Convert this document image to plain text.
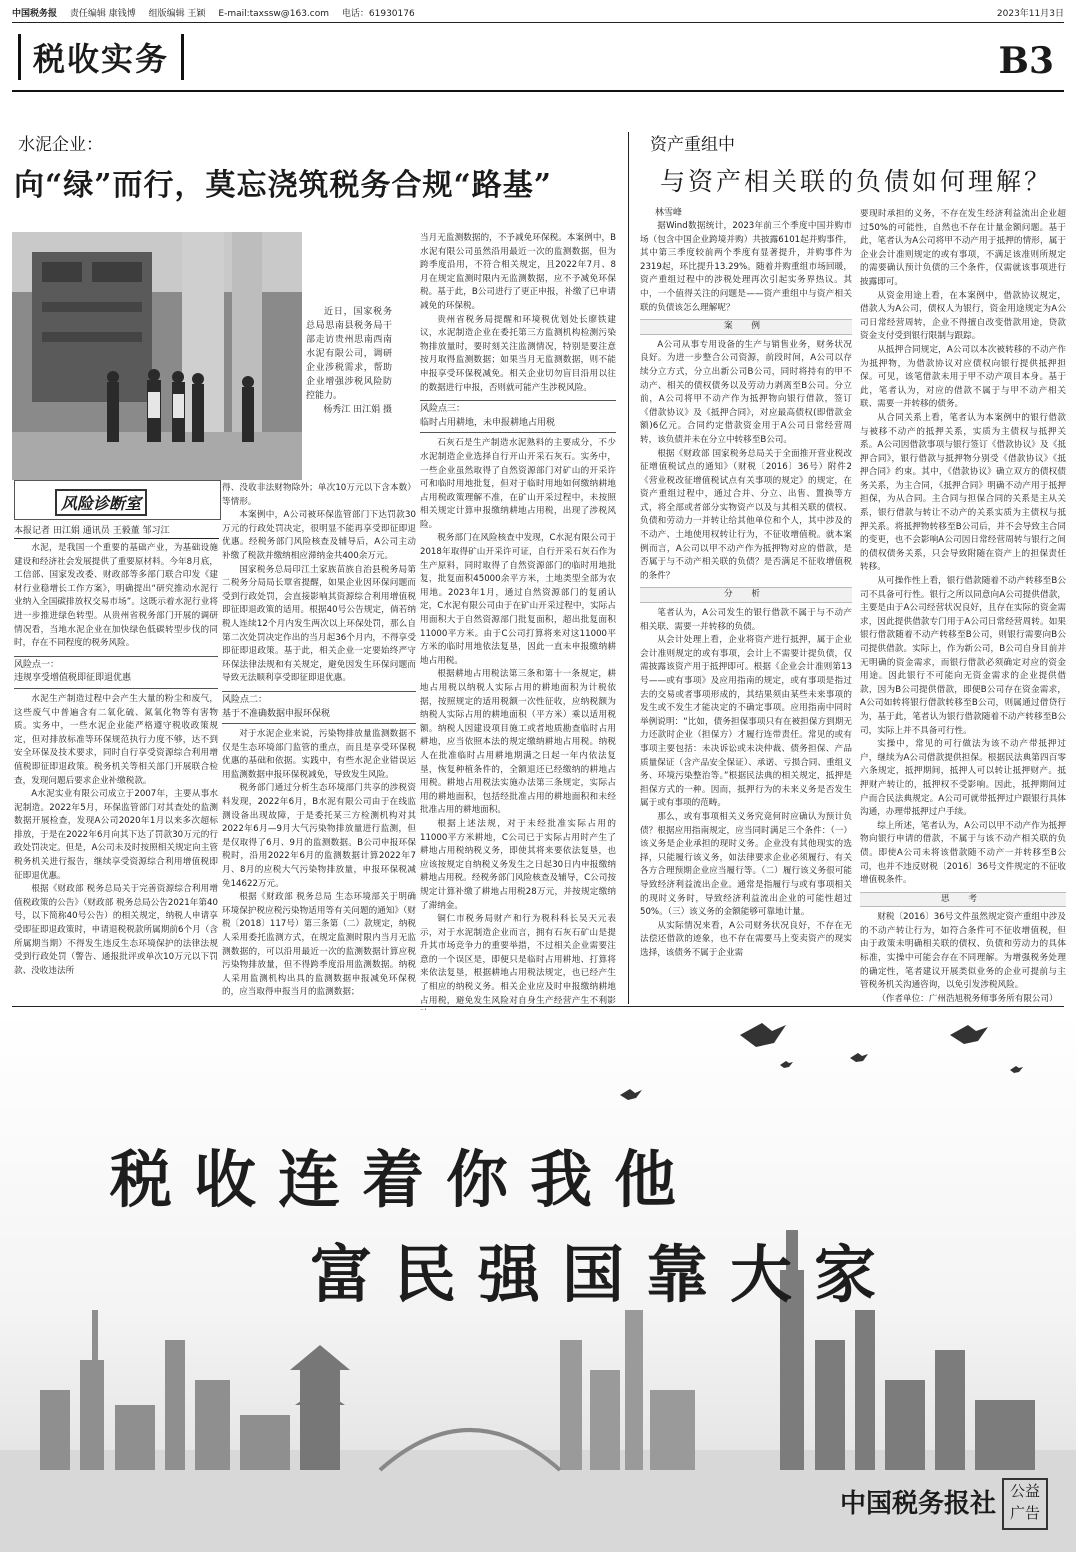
中国税务报 责任编辑 康钱博 组版编辑 王颖 E-mail:taxssw@163.com 电话：61930176	2023年11月3日
税收实务	B3
水泥企业：
向“绿”而行，莫忘浇筑税务合规“路基”
资产重组中
与资产相关联的负债如何理解？
林雪峰
近日，国家税务总局思南县税务局干部走访贵州思南西南水泥有限公司，调研企业涉税需求，帮助企业增强涉税风险防控能力。
杨秀江 田江娟 摄
风险诊断室
本报记者 田江娟 通讯员 王毅董 邹习江

水泥，是我国一个重要的基础产业，为基础设施建设和经济社会发展提供了重要原材料。今年8月底，工信部、国家发改委、财政部等多部门联合印发《建材行业稳增长工作方案》，明确提出“研究推动水泥行业纳入全国碳排放权交易市场”。这既示着水泥行业将进一步推进绿色转型。从贵州省税务部门开展的调研情况看，当地水泥企业在加快绿色低碳转型步伐的同时，存在不同程度的税务风险。

风险点一：
违规享受增值税即征即退优惠

水泥生产制造过程中会产生大量的粉尘和废气，这些废气中普遍含有二氧化硫、氮氧化物等有害物质。实务中，一些水泥企业能严格遵守税收政策规定，但对排放标准等环保规范执行力度不够，达不到安全环保及技术要求，同时自行享受资源综合利用增值税即征即退政策。税务机关等相关部门开展联合检查，发现问题后要求企业补缴税款。

A水泥实业有限公司成立于2007年，主要从事水泥制造。2022年5月，环保监管部门对其查处的监测数据开展检查，发现A公司2020年1月以来多次超标排放，于是在2022年6月向其下达了罚款30万元的行政处罚决定。但是，A公司未及时按照相关规定向主管税务机关进行报告，继续享受资源综合利用增值税即征即退优惠。

根据《财政部 税务总局关于完善资源综合利用增值税政策的公告》（财政部 税务总局公告2021年第40号，以下简称40号公告）的相关规定，纳税人申请享受即征即退政策时，申请退税税款所属期前6个月（含所属期当期）不得发生违反生态环境保护的法律法规受到行政处罚（警告、通报批评或单次10万元以下罚款、没收违法所

得、没收非法财物除外；单次10万元以下含本数）等情形。

本案例中，A公司被环保监管部门下达罚款30万元的行政处罚决定，很明显不能再享受即征即退优惠。经税务部门风险核查及辅导后，A公司主动补缴了税款并缴纳相应滞纳金共400余万元。

国家税务总局印江土家族苗族自治县税务局第二税务分局局长覃省提醒，如果企业因环保问题而受到行政处罚，会直接影响其资源综合利用增值税即征即退政策的适用。根据40号公告规定，倘若纳税人连续12个月内发生两次以上环保处罚，那么自第二次处罚决定作出的当月起36个月内，不得享受即征即退政策。基于此，相关企业一定要始终严守环保法律法规和有关规定，避免因发生环保问题而导致无法顺利享受即征即退优惠。

风险点二：
基于不准确数据申报环保税

对于水泥企业来说，污染物排放量监测数据不仅是生态环境部门监管的重点，而且是享受环保税优惠的基础和依据。实践中，有些水泥企业错误运用监测数据申报环保税减免，导致发生风险。

税务部门通过分析生态环境部门共享的涉税资料发现，2022年6月，B水泥有限公司由于在线监测设备出现故障，于是委托某三方检测机构对其2022年6月—9月大气污染物排放量进行监测，但是仅取得了6月、9月的监测数据。B公司申报环保税时，沿用2022年6月的监测数据计算2022年7月、8月的应税大气污染物排放量，申报环保税减免14622万元。

根据《财政部 税务总局 生态环境部关于明确环境保护税应税污染物适用等有关问题的通知》（财税〔2018〕117号）第三条第（二）款规定，纳税人采用委托监测方式，在规定监测时限内当月无监测数据的，可以沿用最近一次的监测数据计算应税污染物排放量，但不得跨季度沿用监测数据。纳税人采用监测机构出具的监测数据申报减免环保税的，应当取得申报当月的监测数据；

当月无监测数据的，不予减免环保税。本案例中，B水泥有限公司虽然沿用最近一次的监测数据，但为跨季度沿用，不符合相关规定，且2022年7月、8月在规定监测时限内无监测数据，应不予减免环保税。基于此，B公司进行了更正申报，补缴了已申请减免的环保税。

贵州省税务局提醒和环境税优划处长廖铁建议，水泥制造企业在委托第三方监测机构检测污染物排放量时，要时刻关注监测情况，特别是要注意按月取得监测数据；如果当月无监测数据，则不能申报享受环保税减免。相关企业切勿盲目沿用以往的数据进行申报，否则就可能产生涉税风险。

风险点三：
临时占用耕地，未申报耕地占用税

石灰石是生产制造水泥熟料的主要成分，不少水泥制造企业选择自行开山开采石灰石。实务中，一些企业虽然取得了自然资源部门对矿山的开采许可和临时用地批复，但对于临时用地如何缴纳耕地占用税政策理解不准，在矿山开采过程中，未按照相关规定计算申报缴纳耕地占用税，出现了涉税风险。

税务部门在风险核查中发现，C水泥有限公司于2018年取得矿山开采许可证，自行开采石灰石作为生产原料，同时取得了自然资源部门的临时用地批复，批复面积45000余平方米，土地类型全部为农用地。2023年1月，通过自然资源部门的复函认定，C水泥有限公司由于在矿山开采过程中，实际占用面积大于自然资源部门批复面积，超出批复面积11000平方米。由于C公司打算将来对这11000平方米的临时用地依法复垦，因此一直未申报缴纳耕地占用税。

根据耕地占用税法第三条和第十一条规定，耕地占用税以纳税人实际占用的耕地面积为计税依据，按照规定的适用税额一次性征收，应纳税额为纳税人实际占用的耕地面积（平方米）乘以适用税额。纳税人因建设项目施工或者地质勘查临时占用耕地，应当依照本法的规定缴纳耕地占用税。纳税人在批准临时占用耕地期满之日起一年内依法复垦，恢复种植条件的，全额退还已经缴纳的耕地占用税。耕地占用税法实施办法第三条规定，实际占用的耕地面积，包括经批准占用的耕地面积和未经批准占用的耕地面积。

根据上述法规，对于未经批准实际占用的11000平方米耕地，C公司已于实际占用时产生了耕地占用税纳税义务，即使其将来要依法复垦，也应该按规定自纳税义务发生之日起30日内申报缴纳耕地占用税。经税务部门风险核查及辅导，C公司按规定计算补缴了耕地占用税28万元，并按规定缴纳了滞纳金。

铜仁市税务局财产和行为税科科长吴天元表示，对于水泥制造企业而言，拥有石灰石矿山是提升其市场竞争力的重要举措，不过相关企业需要注意的一个误区是，即便只是临时占用耕地、打算将来依法复垦，根据耕地占用税法规定，也已经产生了相应的纳税义务。相关企业应及时申报缴纳耕地占用税，避免发生风险对自身生产经营产生不利影

据Wind数据统计，2023年前三个季度中国并购市场（包含中国企业跨境并购）共披露6101起并购事件，其中第三季度较前两个季度有显著提升，并购事件为2319起，环比提升13.29%。随着并购重组市场回暖，资产重组过程中的涉税处理再次引起实务界热议。其中，一个值得关注的问题是——资产重组中与资产相关联的负债该怎么理解呢？

案 例

A公司从事专用设备的生产与销售业务，财务状况良好。为进一步整合公司资源，前段时间，A公司以存续分立方式，分立出新公司B公司，同时将持有的甲不动产、相关的债权债务以及劳动力剥离至B公司。分立前，A公司将甲不动产作为抵押物向银行借款，签订《借款协议》及《抵押合同》，对应最高债权(即借款金额)6亿元。合同约定借款资金用于A公司日常经营周转，该负债并未在分立中转移至B公司。

根据《财政部 国家税务总局关于全面推开营业税改征增值税试点的通知》（财税〔2016〕36号）附件2《营业税改征增值税试点有关事项的规定》的规定，在资产重组过程中，通过合并、分立、出售、置换等方式，将全部或者部分实物资产以及与其相关联的债权、负债和劳动力一并转让给其他单位和个人，其中涉及的不动产、土地使用权转让行为，不征收增值税。就本案例而言，A公司以甲不动产作为抵押物对应的借款，是否属于与不动产相关联的负债？是否满足不征收增值税的条件？

分 析

笔者认为，A公司发生的银行借款不属于与不动产相关联、需要一并转移的负债。

从会计处理上看，企业将资产进行抵押，属于企业会计准则规定的或有事项，会计上不需要计提负债，仅需披露该资产用于抵押即可。根据《企业会计准则第13号——或有事项》及应用指南的规定，或有事项是指过去的交易或者事项形成的，其结果须由某些未来事项的发生或不发生才能决定的不确定事项。应用指南中同时举例说明：“比如，债务担保事项只有在被担保方到期无力还款时企业（担保方）才履行连带责任。常见的或有事项主要包括：未决诉讼或未决仲裁、债务担保、产品质量保证（含产品安全保证）、承诺、亏损合同、重组义务、环境污染整治等。”根据民法典的相关规定，抵押是担保方式的一种。因而，抵押行为的未来义务是否发生属于或有事项的范畴。

那么，或有事项相关义务究竟何时应确认为预计负债？根据应用指南规定，应当同时满足三个条件：（一）该义务是企业承担的现时义务。企业没有其他现实的选择，只能履行该义务，如法律要求企业必须履行、有关各方合理预期企业应当履行等。（二）履行该义务很可能导致经济利益流出企业。通常是指履行与或有事项相关的现时义务时，导致经济利益流出企业的可能性超过50%。（三）该义务的金额能够可靠地计量。

从实际情况来看，A公司财务状况良好，不存在无法偿还借款的迹象，也不存在需要马上变卖资产的现实选择，该债务不属于企业需

要现时承担的义务，不存在发生经济利益流出企业超过50%的可能性，自然也不存在计量金额问题。基于此，笔者认为A公司将甲不动产用于抵押的情形，属于企业会计准则规定的或有事项，不满足该准则所规定的需要确认预计负债的三个条件，仅需就该事项进行披露即可。

从资金用途上看，在本案例中，借款协议规定，借款人为A公司，债权人为银行，资金用途规定为A公司日常经营周转，企业不得擅自改变借款用途，贷款资金支付受到银行限制与跟踪。

从抵押合同规定，A公司以本次被转移的不动产作为抵押物，为借款协议对应债权向银行提供抵押担保。可见，该笔借款未用于甲不动产项目本身。基于此，笔者认为，对应的借款不属于与甲不动产相关联、需要一并转移的债务。

从合同关系上看，笔者认为本案例中的银行借款与被移不动产的抵押关系，实质为主债权与抵押关系。A公司因借款事项与银行签订《借款协议》及《抵押合同》，银行借款与抵押物分别受《借款协议》《抵押合同》约束。其中，《借款协议》确立双方的债权债务关系，为主合同，《抵押合同》明确不动产用于抵押担保，为从合同。主合同与担保合同的关系是主从关系，银行借款与转让不动产的关系实质为主债权与抵押关系。将抵押物转移至B公司后，并不会导致主合同的变更，也不会影响A公司因日常经营周转与银行之间的债权债务关系，只会导致附随在资产上的担保责任转移。

从可操作性上看，银行借款随着不动产转移至B公司不具备可行性。银行之所以同意向A公司提供借款，主要是由于A公司经营状况良好，且存在实际的资金需求，因此提供借款专门用于A公司日常经营周转。如果银行借款随着不动产转移至B公司，则银行需要向B公司提供借款。实际上，作为新公司，B公司自身目前并无明确的资金需求，而银行借款必须确定对应的资金用途。因此银行不可能向无资金需求的企业提供借款，因为B公司提供借款，即便B公司存在资金需求，A公司如转将银行借款转移至B公司，则属通过借贷行为，基于此，笔者认为银行借款随着不动产转移至B公司，实际上并不具备可行性。

实操中，常见的可行做法为该不动产带抵押过户，继续为A公司借款提供担保。根据民法典第四百零六条规定，抵押期间，抵押人可以转让抵押财产。抵押财产转让的，抵押权不受影响。因此，抵押期间过户而合民法典规定。A公司可就带抵押过户跟银行具体沟通，办理带抵押过户手续。

综上所述，笔者认为，A公司以甲不动产作为抵押物向银行申请的借款，不属于与该不动产相关联的负债。即使A公司未将该借款随不动产一并转移至B公司，也并不违反财税〔2016〕36号文件规定的不征收增值税条件。

思 考

财税〔2016〕36号文件虽然规定资产重组中涉及的不动产转让行为，如符合条件可不征收增值税，但由于政策未明确相关联的债权、负债和劳动力的具体标准，实操中可能会存在不同理解。为增强税务处理的确定性，笔者建议开展类似业务的企业可提前与主管税务机关沟通咨询，以免引发涉税风险。

（作者单位：广州浩旭税务师事务所有限公司）

税收连着你我他
富民强国靠大家
中国税务报社 公益广告
